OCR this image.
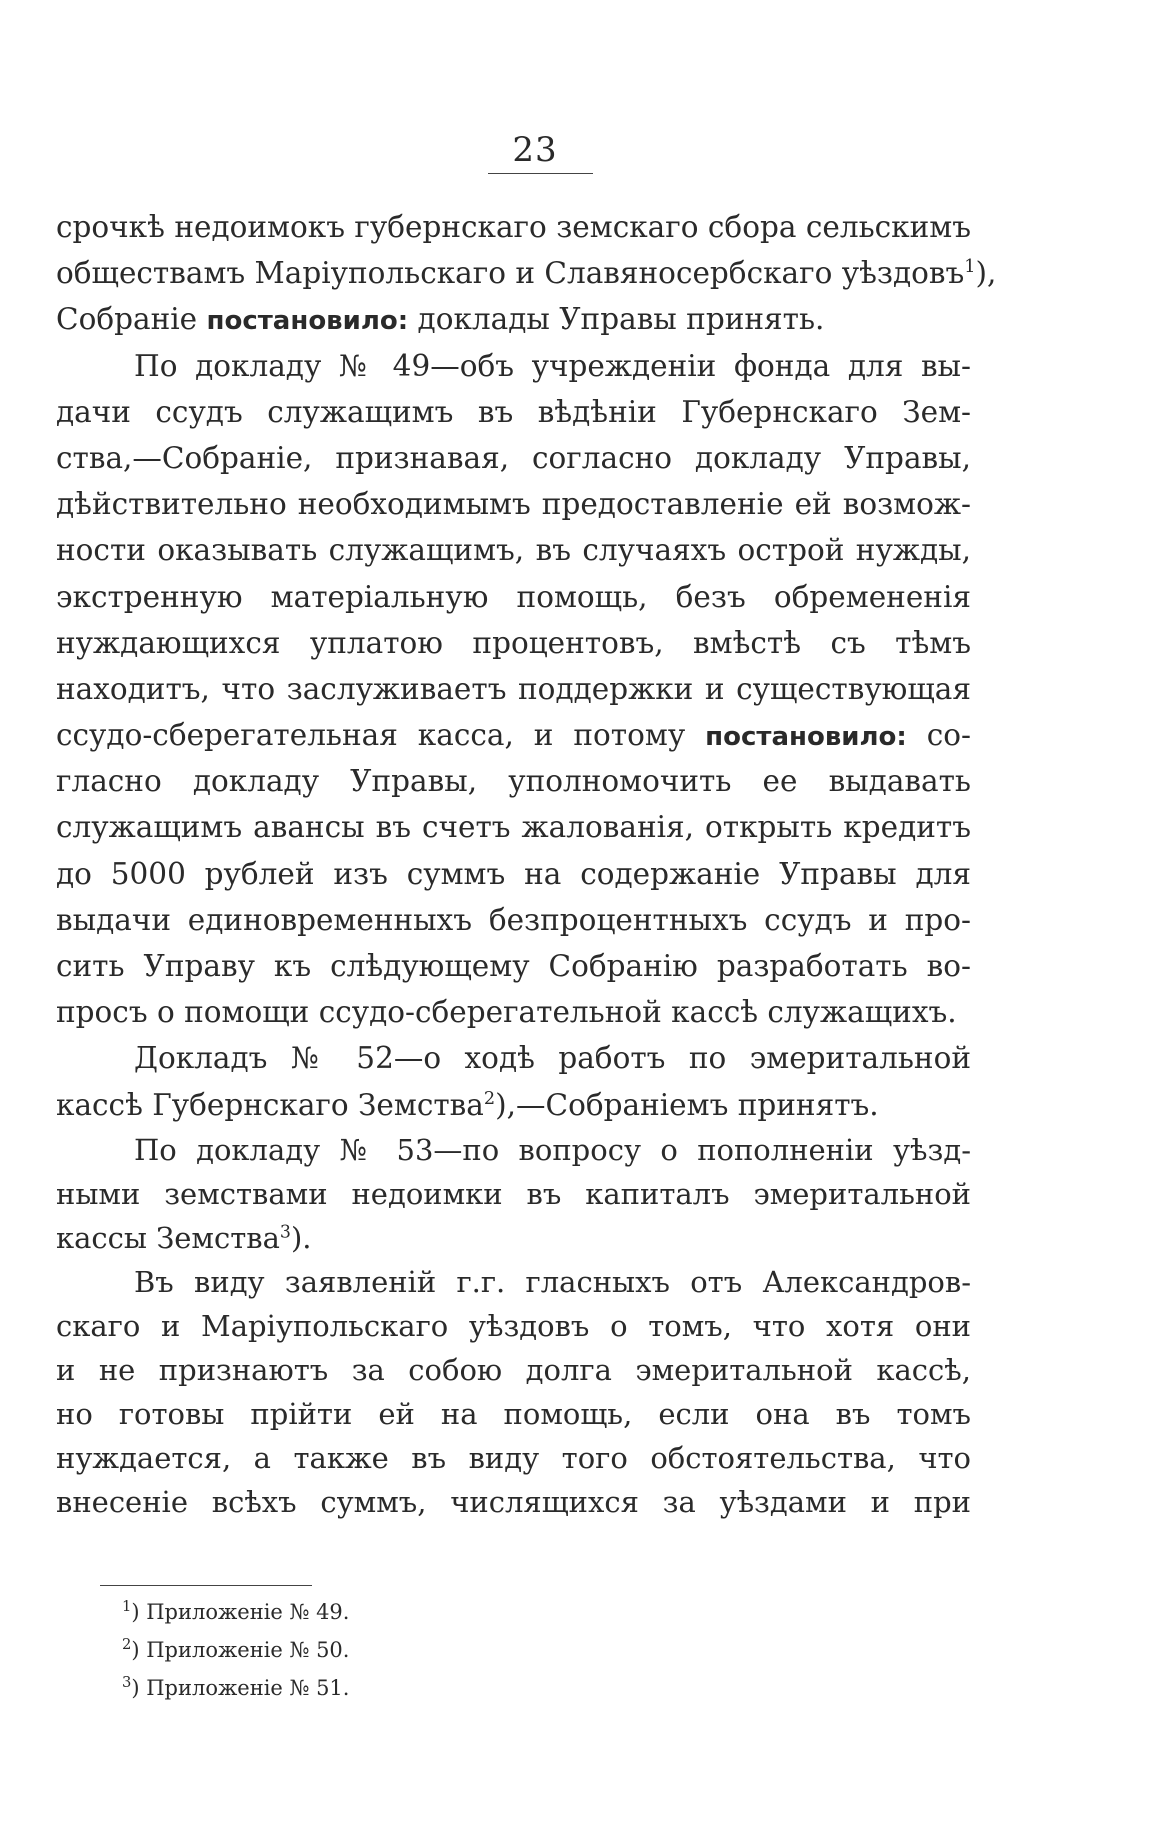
23
срочкѣ недоимокъ губернскаго земскаго сбора сельскимъ
обществамъ Маріупольскаго и Славяносербскаго уѣздовъ$^1$),
Собраніе постановило: доклады Управы принять.
По докладу № 49—объ учрежденіи фонда для вы-
дачи ссудъ служащимъ въ вѣдѣніи Губернскаго Зем-
ства,—Собраніе, признавая, согласно докладу Управы,
дѣйствительно необходимымъ предоставленіе ей возмож-
ности оказывать служащимъ, въ случаяхъ острой нужды,
экстренную матеріальную помощь, безъ обремененія
нуждающихся уплатою процентовъ, вмѣстѣ съ тѣмъ
находитъ, что заслуживаетъ поддержки и существующая
ссудо-сберегательная касса, и потому постановило: со-
гласно докладу Управы, уполномочить ее выдавать
служащимъ авансы въ счетъ жалованія, открыть кредитъ
до 5000 рублей изъ суммъ на содержаніе Управы для
выдачи единовременныхъ безпроцентныхъ ссудъ и про-
сить Управу къ слѣдующему Собранію разработать во-
просъ о помощи ссудо-сберегательной кассѣ служащихъ.
Докладъ № 52—о ходѣ работъ по эмеритальной
кассѣ Губернскаго Земства$^2$),—Собраніемъ принятъ.
По докладу № 53—по вопросу о пополненіи уѣзд-
ными земствами недоимки въ капиталъ эмеритальной
кассы Земства$^3$).
Въ виду заявленій г.г. гласныхъ отъ Александров-
скаго и Маріупольскаго уѣздовъ о томъ, что хотя они
и не признаютъ за собою долга эмеритальной кассѣ,
но готовы прійти ей на помощь, если она въ томъ
нуждается, а также въ виду того обстоятельства, что
внесеніе всѣхъ суммъ, числящихся за уѣздами и при
$^1$) Приложеніе № 49.
$^2$) Приложеніе № 50.
$^3$) Приложеніе № 51.
